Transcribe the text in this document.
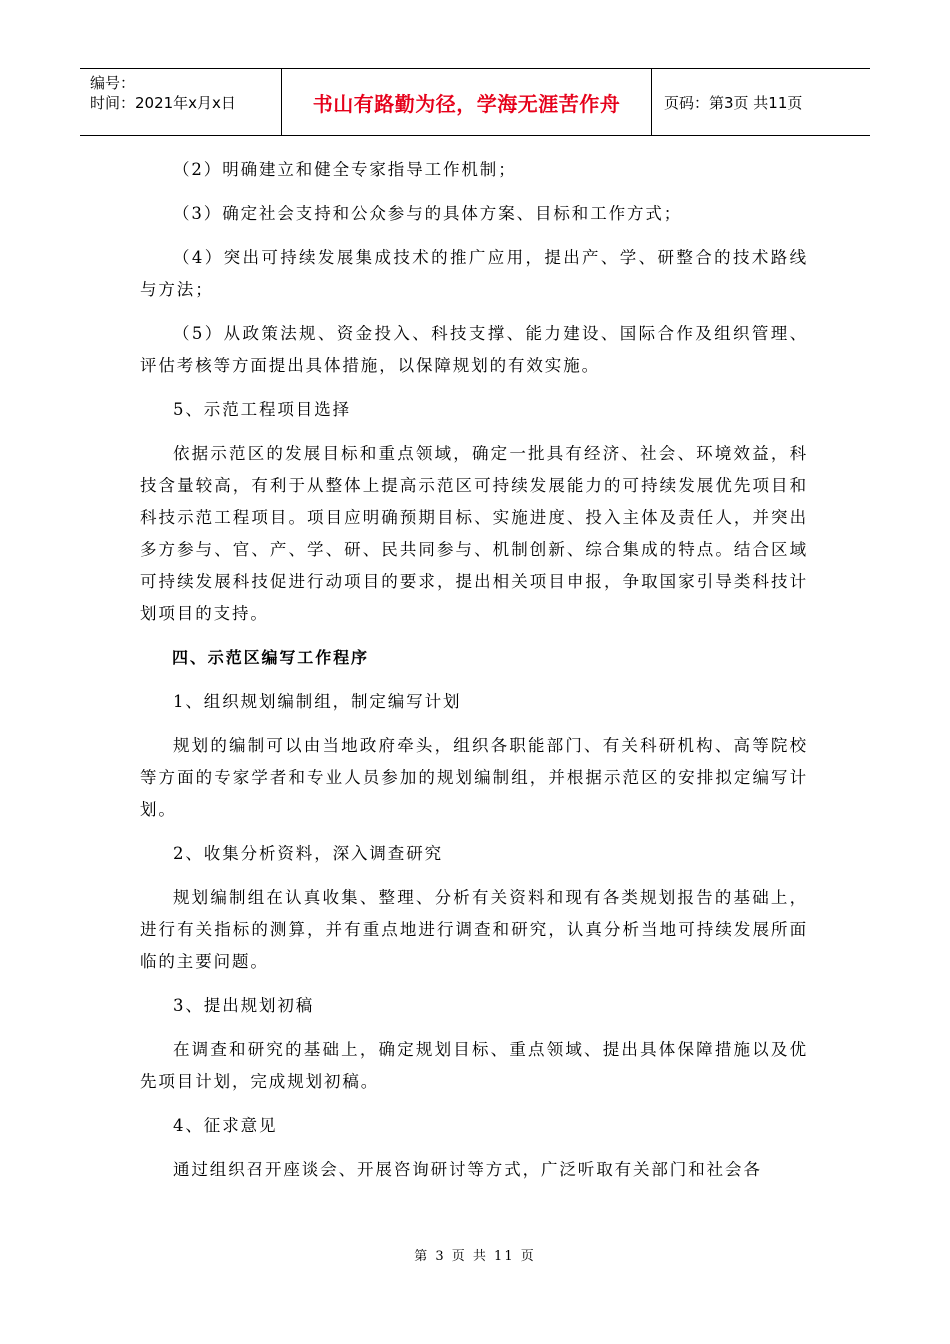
编号：
时间：2021年x月x日	书山有路勤为径，学海无涯苦作舟	页码：第3页 共11页

（2）明确建立和健全专家指导工作机制；

（3）确定社会支持和公众参与的具体方案、目标和工作方式；

（4）突出可持续发展集成技术的推广应用，提出产、学、研整合的技术路线与方法；

（5）从政策法规、资金投入、科技支撑、能力建设、国际合作及组织管理、评估考核等方面提出具体措施，以保障规划的有效实施。

5、示范工程项目选择

依据示范区的发展目标和重点领域，确定一批具有经济、社会、环境效益，科技含量较高，有利于从整体上提高示范区可持续发展能力的可持续发展优先项目和科技示范工程项目。项目应明确预期目标、实施进度、投入主体及责任人，并突出多方参与、官、产、学、研、民共同参与、机制创新、综合集成的特点。结合区域可持续发展科技促进行动项目的要求，提出相关项目申报，争取国家引导类科技计划项目的支持。

四、示范区编写工作程序

1、组织规划编制组，制定编写计划

规划的编制可以由当地政府牵头，组织各职能部门、有关科研机构、高等院校等方面的专家学者和专业人员参加的规划编制组，并根据示范区的安排拟定编写计划。

2、收集分析资料，深入调查研究

规划编制组在认真收集、整理、分析有关资料和现有各类规划报告的基础上，进行有关指标的测算，并有重点地进行调查和研究，认真分析当地可持续发展所面临的主要问题。

3、提出规划初稿

在调查和研究的基础上，确定规划目标、重点领域、提出具体保障措施以及优先项目计划，完成规划初稿。

4、征求意见

通过组织召开座谈会、开展咨询研讨等方式，广泛听取有关部门和社会各

第 3 页 共 11 页
